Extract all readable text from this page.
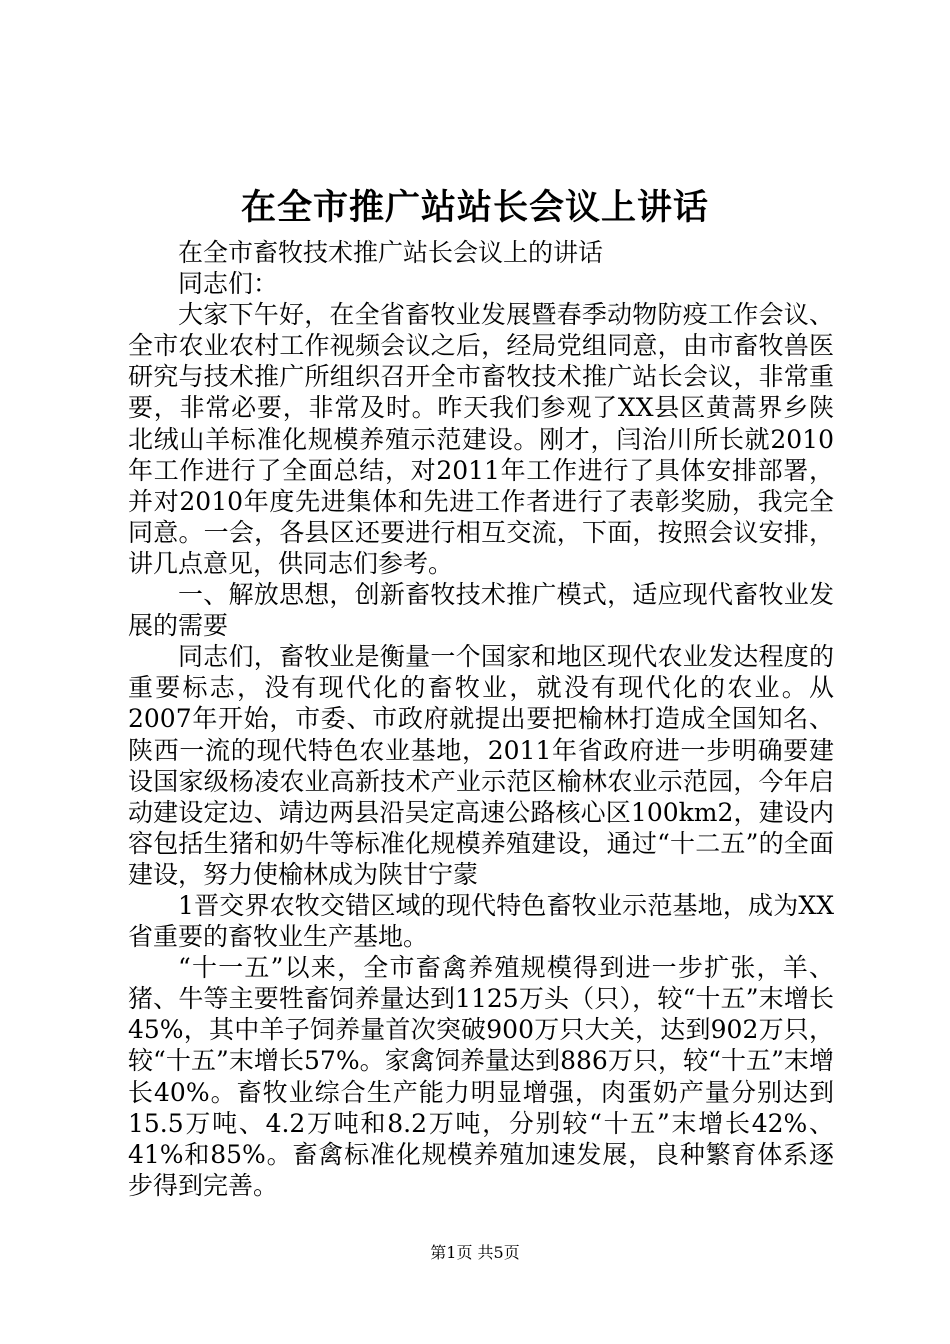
在全市推广站站长会议上讲话

在全市畜牧技术推广站长会议上的讲话

同志们：

大家下午好，在全省畜牧业发展暨春季动物防疫工作会议、全市农业农村工作视频会议之后，经局党组同意，由市畜牧兽医研究与技术推广所组织召开全市畜牧技术推广站长会议，非常重要，非常必要，非常及时。昨天我们参观了XX县区黄蒿界乡陕北绒山羊标准化规模养殖示范建设。刚才，闫治川所长就2010年工作进行了全面总结，对2011年工作进行了具体安排部署，并对2010年度先进集体和先进工作者进行了表彰奖励，我完全同意。一会，各县区还要进行相互交流，下面，按照会议安排，讲几点意见，供同志们参考。

一、解放思想，创新畜牧技术推广模式，适应现代畜牧业发展的需要

同志们，畜牧业是衡量一个国家和地区现代农业发达程度的重要标志，没有现代化的畜牧业，就没有现代化的农业。从2007年开始，市委、市政府就提出要把榆林打造成全国知名、陕西一流的现代特色农业基地，2011年省政府进一步明确要建设国家级杨凌农业高新技术产业示范区榆林农业示范园，今年启动建设定边、靖边两县沿吴定高速公路核心区100km2，建设内容包括生猪和奶牛等标准化规模养殖建设，通过“十二五”的全面建设，努力使榆林成为陕甘宁蒙

1晋交界农牧交错区域的现代特色畜牧业示范基地，成为XX省重要的畜牧业生产基地。

“十一五”以来，全市畜禽养殖规模得到进一步扩张，羊、猪、牛等主要牲畜饲养量达到1125万头（只），较“十五”末增长45%，其中羊子饲养量首次突破900万只大关，达到902万只，较“十五”末增长57%。家禽饲养量达到886万只，较“十五”末增长40%。畜牧业综合生产能力明显增强，肉蛋奶产量分别达到15.5万吨、4.2万吨和8.2万吨，分别较“十五”末增长42%、41%和85%。畜禽标准化规模养殖加速发展，良种繁育体系逐步得到完善。

第1页 共5页
